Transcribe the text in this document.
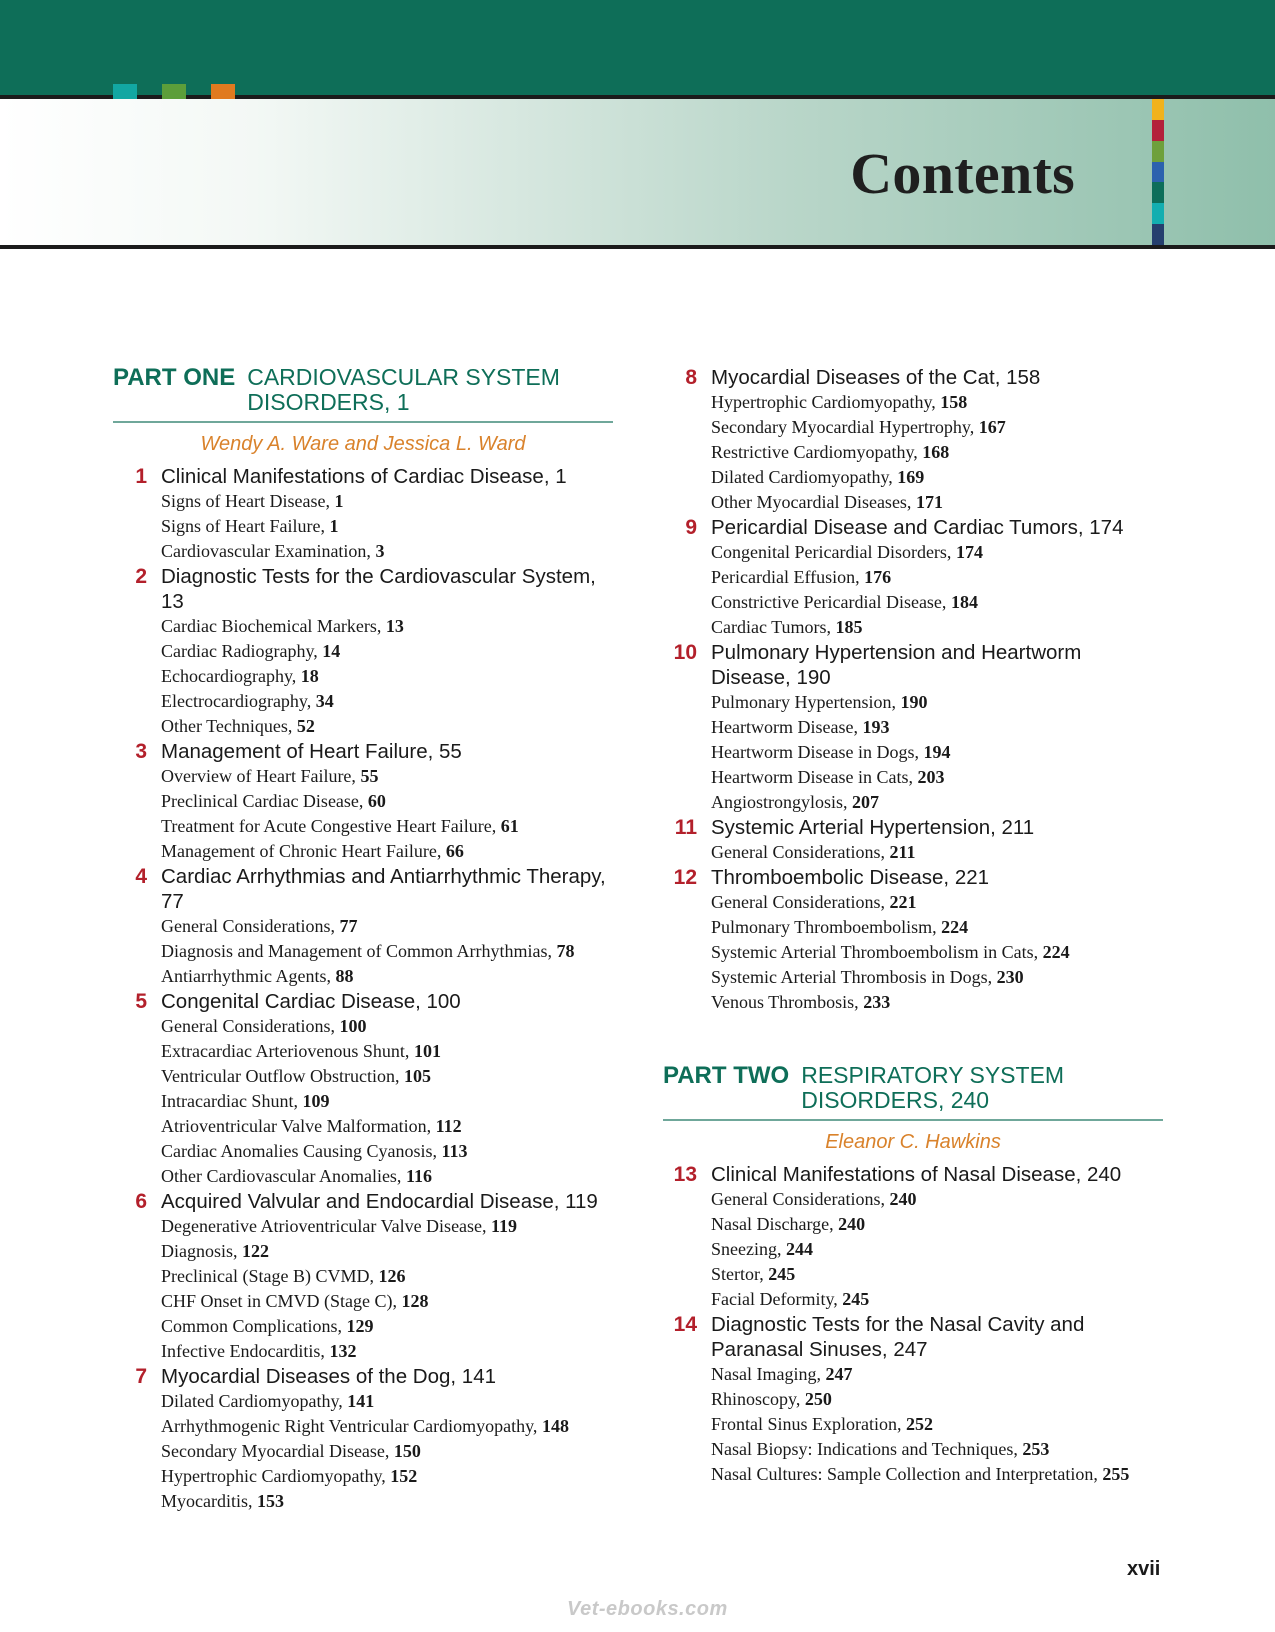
Contents
PART ONE CARDIOVASCULAR SYSTEM DISORDERS, 1
Wendy A. Ware and Jessica L. Ward
1 Clinical Manifestations of Cardiac Disease, 1
Signs of Heart Disease, 1
Signs of Heart Failure, 1
Cardiovascular Examination, 3
2 Diagnostic Tests for the Cardiovascular System, 13
Cardiac Biochemical Markers, 13
Cardiac Radiography, 14
Echocardiography, 18
Electrocardiography, 34
Other Techniques, 52
3 Management of Heart Failure, 55
Overview of Heart Failure, 55
Preclinical Cardiac Disease, 60
Treatment for Acute Congestive Heart Failure, 61
Management of Chronic Heart Failure, 66
4 Cardiac Arrhythmias and Antiarrhythmic Therapy, 77
General Considerations, 77
Diagnosis and Management of Common Arrhythmias, 78
Antiarrhythmic Agents, 88
5 Congenital Cardiac Disease, 100
General Considerations, 100
Extracardiac Arteriovenous Shunt, 101
Ventricular Outflow Obstruction, 105
Intracardiac Shunt, 109
Atrioventricular Valve Malformation, 112
Cardiac Anomalies Causing Cyanosis, 113
Other Cardiovascular Anomalies, 116
6 Acquired Valvular and Endocardial Disease, 119
Degenerative Atrioventricular Valve Disease, 119
Diagnosis, 122
Preclinical (Stage B) CVMD, 126
CHF Onset in CMVD (Stage C), 128
Common Complications, 129
Infective Endocarditis, 132
7 Myocardial Diseases of the Dog, 141
Dilated Cardiomyopathy, 141
Arrhythmogenic Right Ventricular Cardiomyopathy, 148
Secondary Myocardial Disease, 150
Hypertrophic Cardiomyopathy, 152
Myocarditis, 153
8 Myocardial Diseases of the Cat, 158
Hypertrophic Cardiomyopathy, 158
Secondary Myocardial Hypertrophy, 167
Restrictive Cardiomyopathy, 168
Dilated Cardiomyopathy, 169
Other Myocardial Diseases, 171
9 Pericardial Disease and Cardiac Tumors, 174
Congenital Pericardial Disorders, 174
Pericardial Effusion, 176
Constrictive Pericardial Disease, 184
Cardiac Tumors, 185
10 Pulmonary Hypertension and Heartworm Disease, 190
Pulmonary Hypertension, 190
Heartworm Disease, 193
Heartworm Disease in Dogs, 194
Heartworm Disease in Cats, 203
Angiostrongylosis, 207
11 Systemic Arterial Hypertension, 211
General Considerations, 211
12 Thromboembolic Disease, 221
General Considerations, 221
Pulmonary Thromboembolism, 224
Systemic Arterial Thromboembolism in Cats, 224
Systemic Arterial Thrombosis in Dogs, 230
Venous Thrombosis, 233
PART TWO RESPIRATORY SYSTEM DISORDERS, 240
Eleanor C. Hawkins
13 Clinical Manifestations of Nasal Disease, 240
General Considerations, 240
Nasal Discharge, 240
Sneezing, 244
Stertor, 245
Facial Deformity, 245
14 Diagnostic Tests for the Nasal Cavity and Paranasal Sinuses, 247
Nasal Imaging, 247
Rhinoscopy, 250
Frontal Sinus Exploration, 252
Nasal Biopsy: Indications and Techniques, 253
Nasal Cultures: Sample Collection and Interpretation, 255
xvii
Vet-ebooks.com
